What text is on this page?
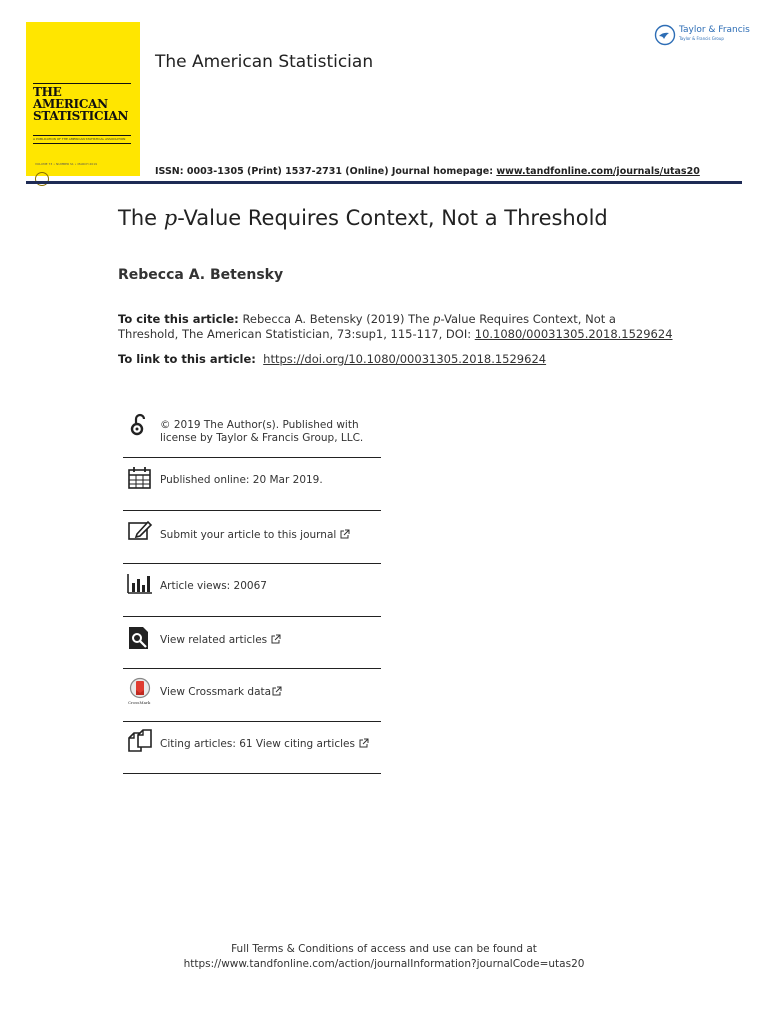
THE
AMERICAN
STATISTICIAN
A PUBLICATION OF THE AMERICAN STATISTICAL ASSOCIATION
VOLUME 73 • NUMBER S1 • MARCH 2019
The American Statistician
ISSN: 0003-1305 (Print) 1537-2731 (Online) Journal homepage: www.tandfonline.com/journals/utas20
Taylor & Francis
Taylor & Francis Group
The p-Value Requires Context, Not a Threshold
Rebecca A. Betensky
To cite this article: Rebecca A. Betensky (2019) The p-Value Requires Context, Not a Threshold, The American Statistician, 73:sup1, 115-117, DOI: 10.1080/00031305.2018.1529624
To link to this article: https://doi.org/10.1080/00031305.2018.1529624
© 2019 The Author(s). Published with
license by Taylor & Francis Group, LLC.
Published online: 20 Mar 2019.
Submit your article to this journal
Article views: 20067
View related articles
CrossMark
View Crossmark data
Citing articles: 61 View citing articles
Full Terms & Conditions of access and use can be found at
https://www.tandfonline.com/action/journalInformation?journalCode=utas20
